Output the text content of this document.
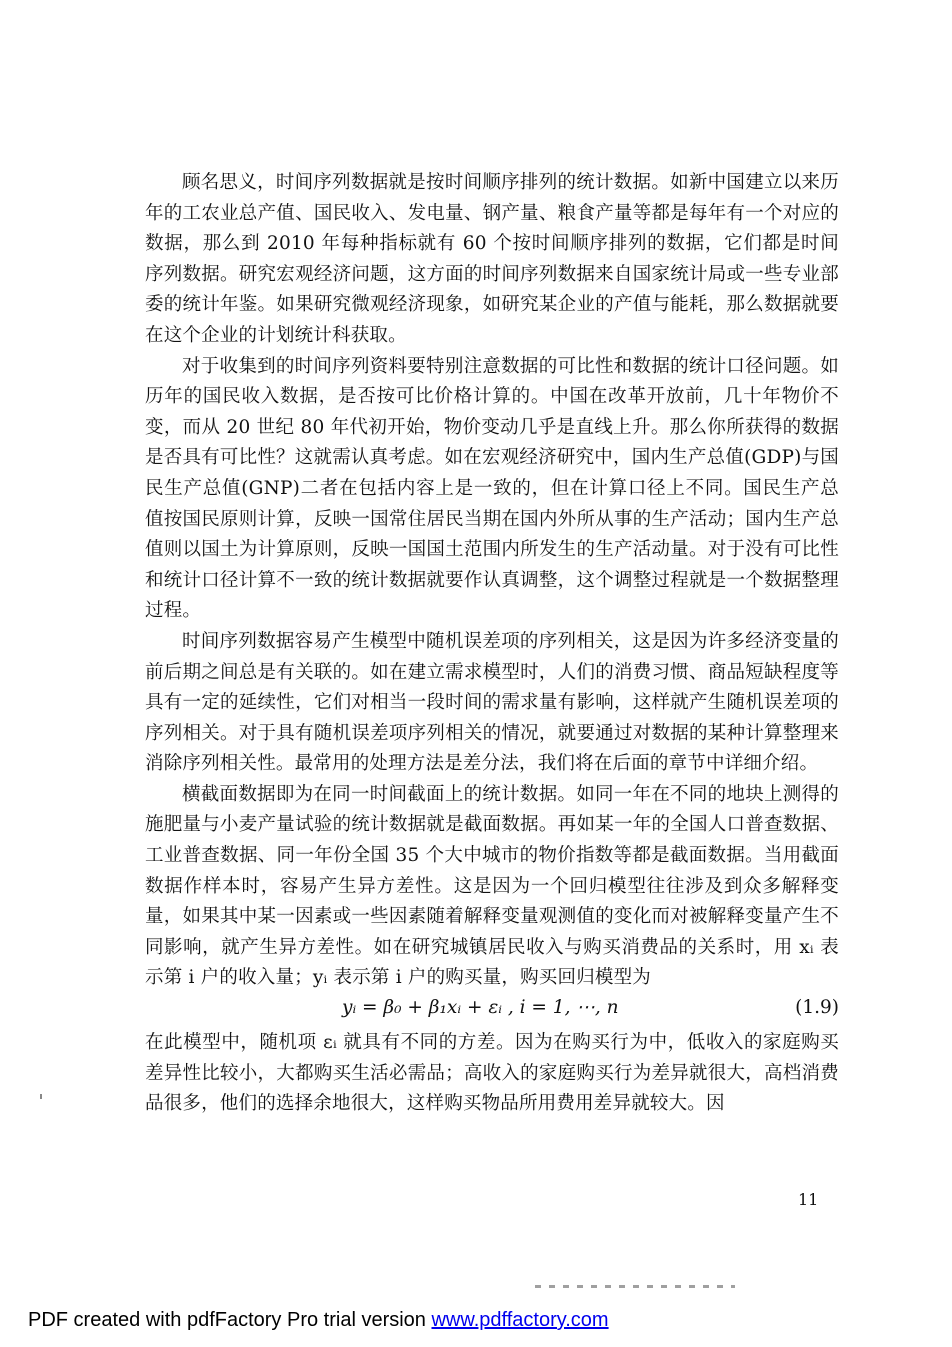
顾名思义，时间序列数据就是按时间顺序排列的统计数据。如新中国建立以来历年的工农业总产值、国民收入、发电量、钢产量、粮食产量等都是每年有一个对应的数据，那么到 2010 年每种指标就有 60 个按时间顺序排列的数据，它们都是时间序列数据。研究宏观经济问题，这方面的时间序列数据来自国家统计局或一些专业部委的统计年鉴。如果研究微观经济现象，如研究某企业的产值与能耗，那么数据就要在这个企业的计划统计科获取。

对于收集到的时间序列资料要特别注意数据的可比性和数据的统计口径问题。如历年的国民收入数据，是否按可比价格计算的。中国在改革开放前，几十年物价不变，而从 20 世纪 80 年代初开始，物价变动几乎是直线上升。那么你所获得的数据是否具有可比性？这就需认真考虑。如在宏观经济研究中，国内生产总值(GDP)与国民生产总值(GNP)二者在包括内容上是一致的，但在计算口径上不同。国民生产总值按国民原则计算，反映一国常住居民当期在国内外所从事的生产活动；国内生产总值则以国土为计算原则，反映一国国土范围内所发生的生产活动量。对于没有可比性和统计口径计算不一致的统计数据就要作认真调整，这个调整过程就是一个数据整理过程。

时间序列数据容易产生模型中随机误差项的序列相关，这是因为许多经济变量的前后期之间总是有关联的。如在建立需求模型时，人们的消费习惯、商品短缺程度等具有一定的延续性，它们对相当一段时间的需求量有影响，这样就产生随机误差项的序列相关。对于具有随机误差项序列相关的情况，就要通过对数据的某种计算整理来消除序列相关性。最常用的处理方法是差分法，我们将在后面的章节中详细介绍。

横截面数据即为在同一时间截面上的统计数据。如同一年在不同的地块上测得的施肥量与小麦产量试验的统计数据就是截面数据。再如某一年的全国人口普查数据、工业普查数据、同一年份全国 35 个大中城市的物价指数等都是截面数据。当用截面数据作样本时，容易产生异方差性。这是因为一个回归模型往往涉及到众多解释变量，如果其中某一因素或一些因素随着解释变量观测值的变化而对被解释变量产生不同影响，就产生异方差性。如在研究城镇居民收入与购买消费品的关系时，用 xᵢ 表示第 i 户的收入量；yᵢ 表示第 i 户的购买量，购买回归模型为

yᵢ = β₀ + β₁xᵢ + εᵢ , i = 1, ⋯, n	(1.9)

在此模型中，随机项 εᵢ 就具有不同的方差。因为在购买行为中，低收入的家庭购买差异性比较小，大都购买生活必需品；高收入的家庭购买行为差异就很大，高档消费品很多，他们的选择余地很大，这样购买物品所用费用差异就较大。因

11
PDF created with pdfFactory Pro trial version www.pdffactory.com
